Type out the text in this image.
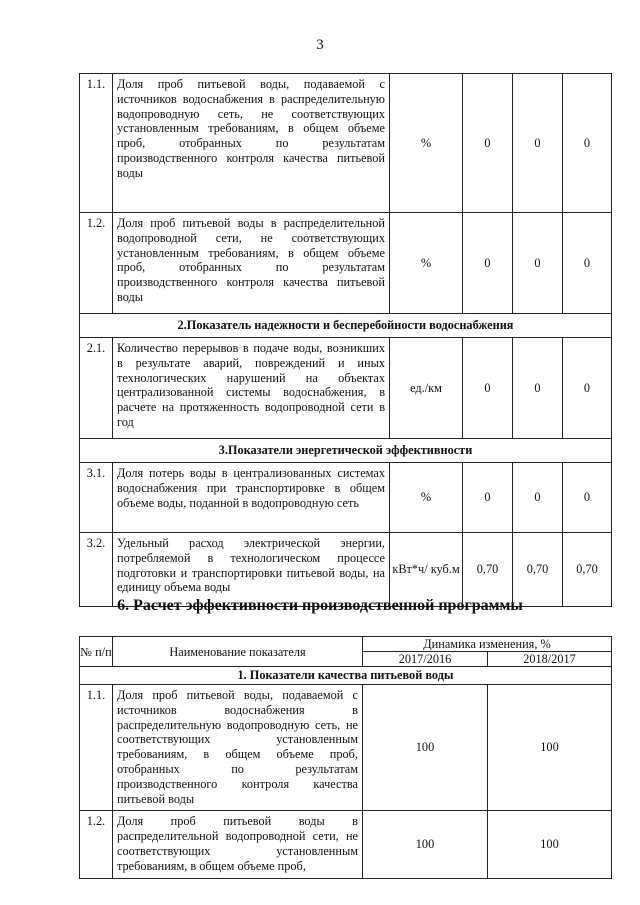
3
1.1.	Доля проб питьевой воды, подаваемой с источников водоснабжения в распределительную водопроводную сеть, не соответствующих установленным требованиям, в общем объеме проб, отобранных по результатам производственного контроля качества питьевой воды	%	0	0	0
1.2.	Доля проб питьевой воды в распределительной водопроводной сети, не соответствующих установленным требованиям, в общем объеме проб, отобранных по результатам производственного контроля качества питьевой воды	%	0	0	0
2.Показатель надежности и бесперебойности водоснабжения					
2.1.	Количество перерывов в подаче воды, возникших в результате аварий, повреждений и иных технологических нарушений на объектах централизованной системы водоснабжения, в расчете на протяженность водопроводной сети в год	ед./км	0	0	0
3.Показатели энергетической эффективности					
3.1.	Доля потерь воды в централизованных системах водоснабжения при транспортировке в общем объеме воды, поданной в водопроводную сеть	%	0	0	0
3.2.	Удельный расход электрической энергии, потребляемой в технологическом процессе подготовки и транспортировки питьевой воды, на единицу объема воды	кВт*ч/ куб.м	0,70	0,70	0,70
6. Расчет эффективности производственной программы
№ п/п	Наименование показателя	Динамика изменения, %	
		2017/2016	2018/2017
1. Показатели качества питьевой воды			
1.1.	Доля проб питьевой воды, подаваемой с источников водоснабжения в распределительную водопроводную сеть, не соответствующих установленным требованиям, в общем объеме проб, отобранных по результатам производственного контроля качества питьевой воды	100	100
1.2.	Доля проб питьевой воды в распределительной водопроводной сети, не соответствующих установленным требованиям, в общем объеме проб,	100	100
